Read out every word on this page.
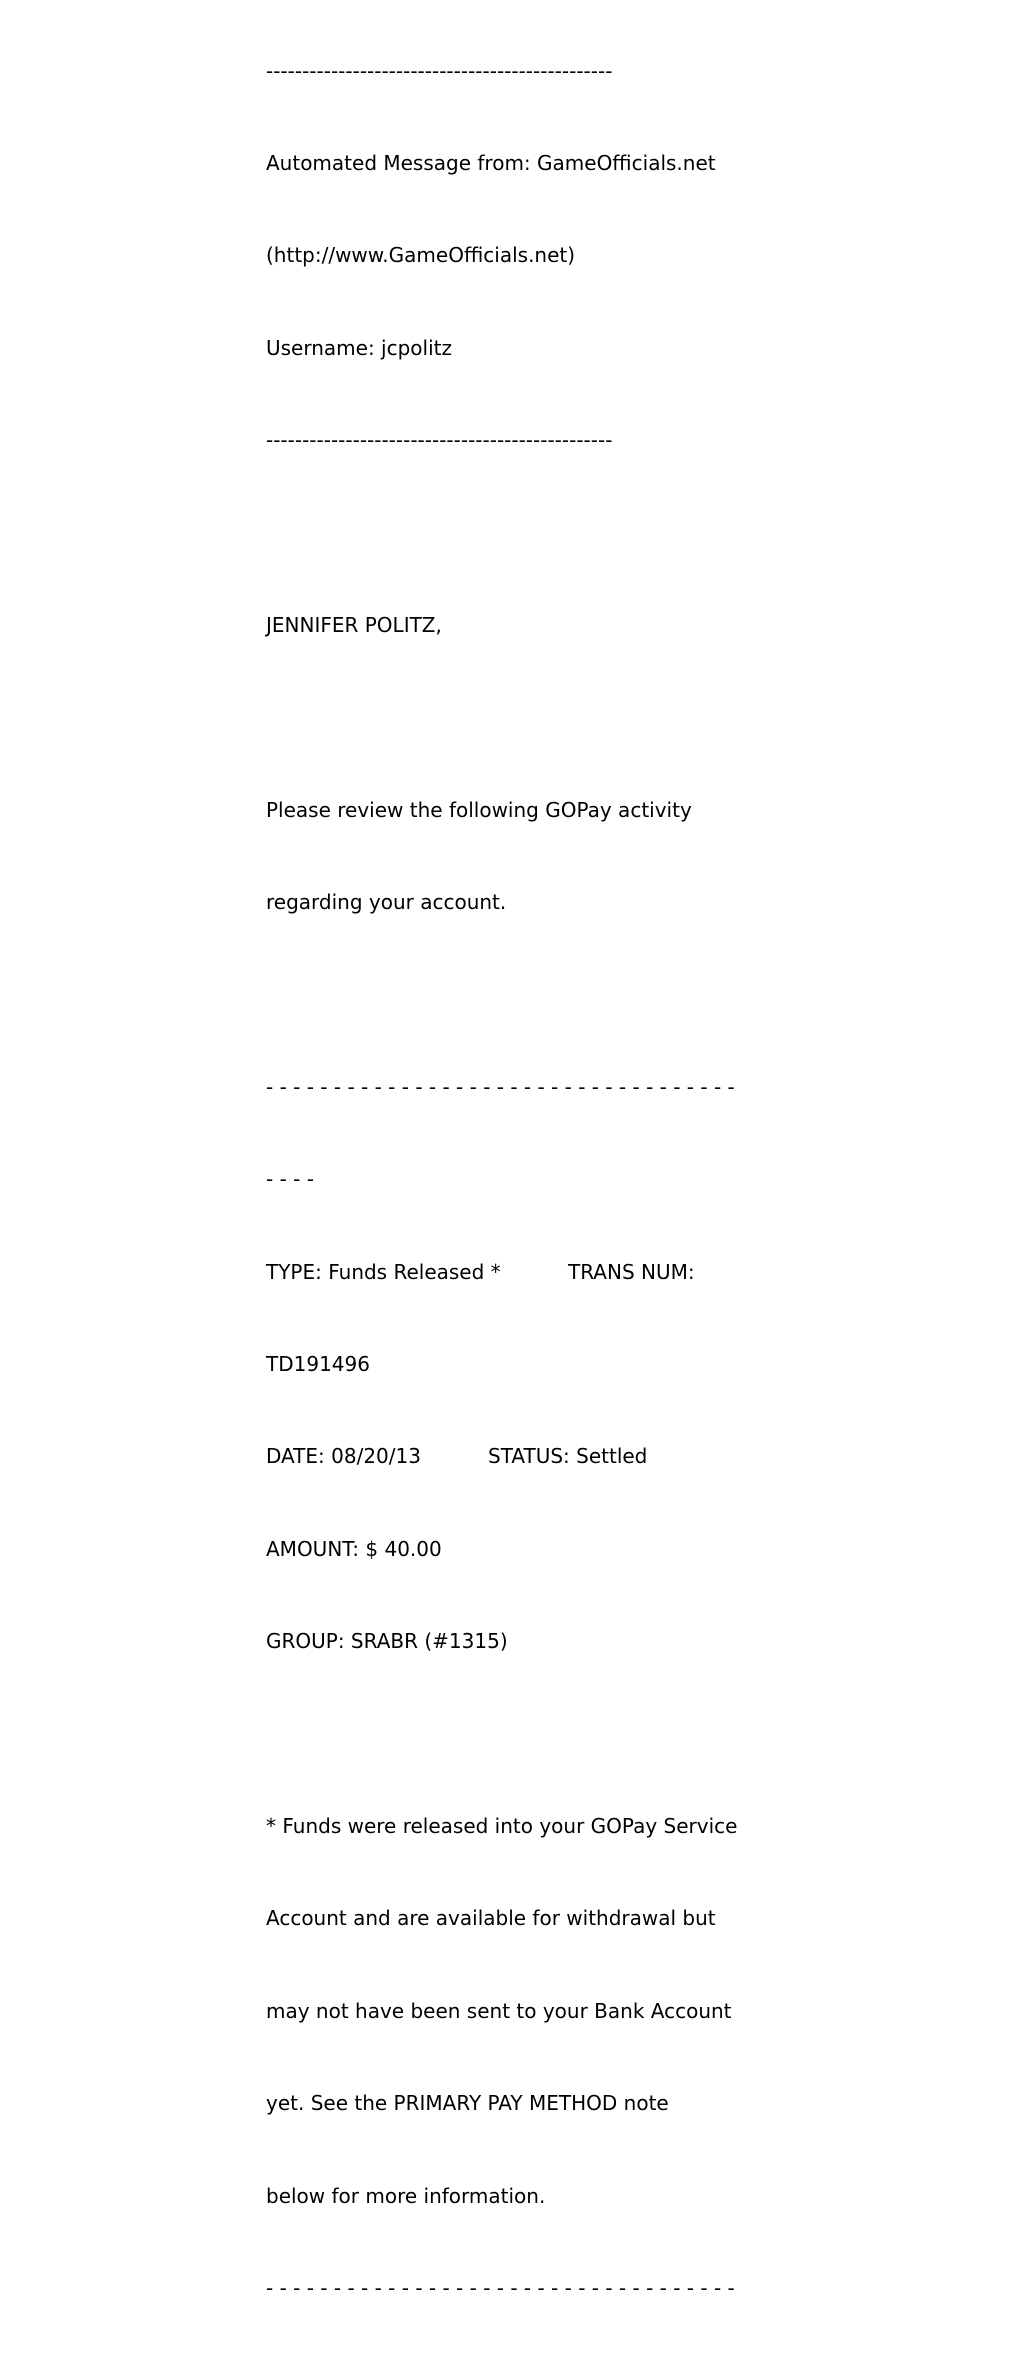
------------------------------------------------

Automated Message from: GameOfficials.net

(http://www.GameOfficials.net)

Username: jcpolitz

------------------------------------------------

JENNIFER POLITZ,

Please review the following GOPay activity

regarding your account.

- - - - - - - - - - - - - - - - - - - - - - - - - - - - - - - - - - -

- - - -

TYPE: Funds Released *	TRANS NUM:

TD191496

DATE: 08/20/13	STATUS: Settled

AMOUNT: $ 40.00

GROUP: SRABR (#1315)

* Funds were released into your GOPay Service

Account and are available for withdrawal but

may not have been sent to your Bank Account

yet. See the PRIMARY PAY METHOD note

below for more information.

- - - - - - - - - - - - - - - - - - - - - - - - - - - - - - - - - - -
